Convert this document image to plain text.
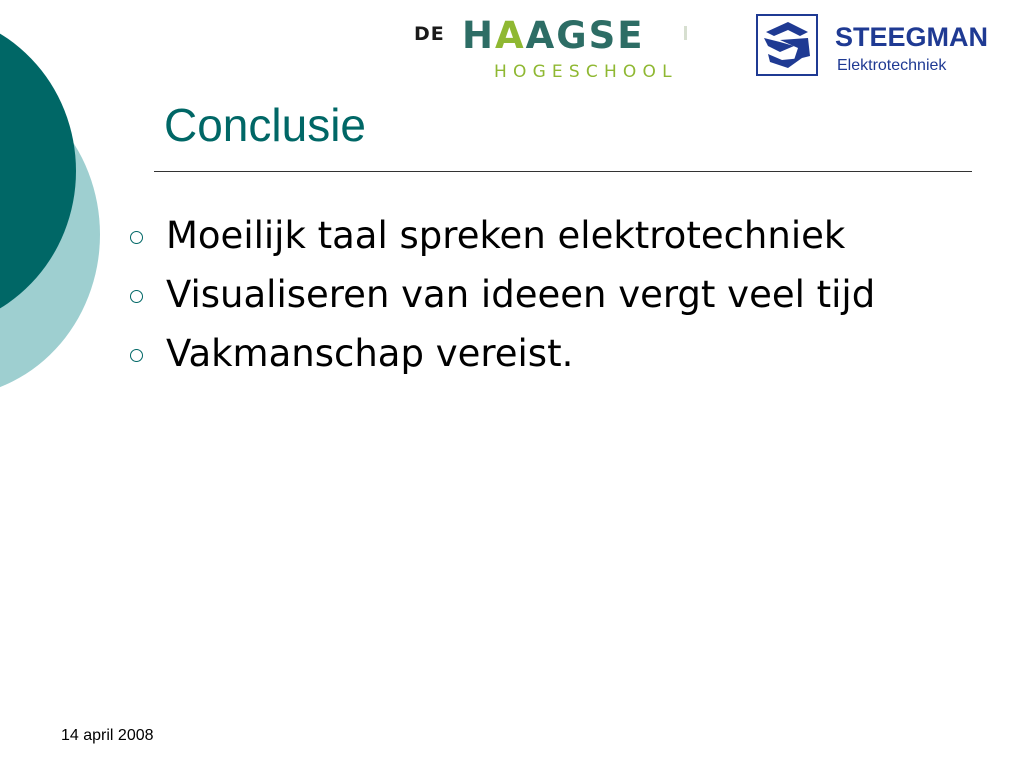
DE HAAGSE
HOGESCHOOL
STEEGMAN
Elektrotechniek
Conclusie
Moeilijk taal spreken elektrotechniek
Visualiseren van ideeen vergt veel tijd
Vakmanschap vereist.
14 april 2008
